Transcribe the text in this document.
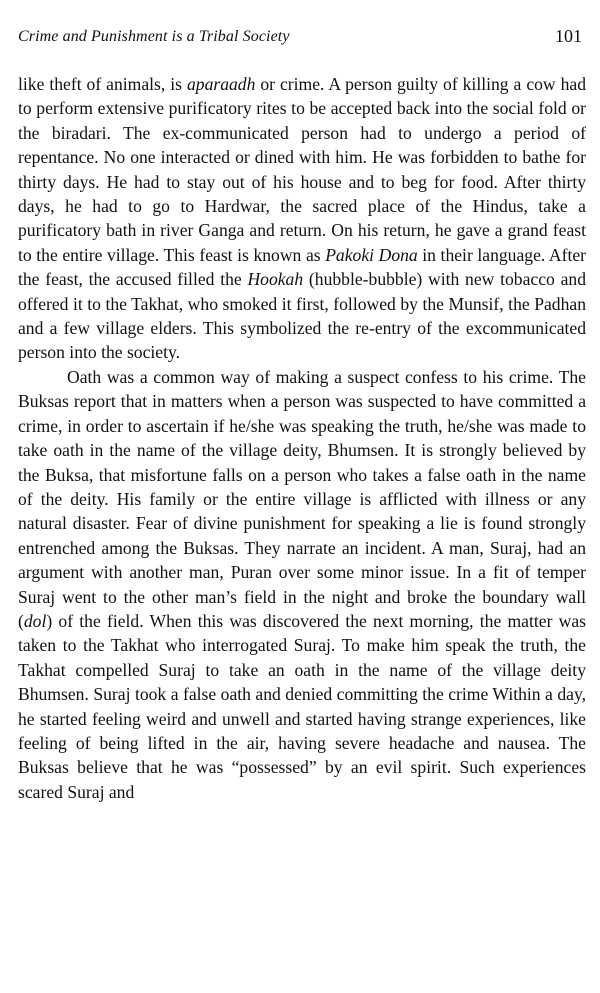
Crime and Punishment is a Tribal Society	101

like theft of animals, is aparaadh or crime. A person guilty of killing a cow had to perform extensive purificatory rites to be accepted back into the social fold or the biradari. The ex-communicated person had to undergo a period of repentance. No one interacted or dined with him. He was forbidden to bathe for thirty days. He had to stay out of his house and to beg for food. After thirty days, he had to go to Hardwar, the sacred place of the Hindus, take a purificatory bath in river Ganga and return. On his return, he gave a grand feast to the entire village. This feast is known as Pakoki Dona in their language. After the feast, the accused filled the Hookah (hubble-bubble) with new tobacco and offered it to the Takhat, who smoked it first, followed by the Munsif, the Padhan and a few village elders. This symbolized the re-entry of the excommunicated person into the society.

Oath was a common way of making a suspect confess to his crime. The Buksas report that in matters when a person was suspected to have committed a crime, in order to ascertain if he/she was speaking the truth, he/she was made to take oath in the name of the village deity, Bhumsen. It is strongly believed by the Buksa, that misfortune falls on a person who takes a false oath in the name of the deity. His family or the entire village is afflicted with illness or any natural disaster. Fear of divine punishment for speaking a lie is found strongly entrenched among the Buksas. They narrate an incident. A man, Suraj, had an argument with another man, Puran over some minor issue. In a fit of temper Suraj went to the other man’s field in the night and broke the boundary wall (dol) of the field. When this was discovered the next morning, the matter was taken to the Takhat who interrogated Suraj. To make him speak the truth, the Takhat compelled Suraj to take an oath in the name of the village deity Bhumsen. Suraj took a false oath and denied committing the crime Within a day, he started feeling weird and unwell and started having strange experiences, like feeling of being lifted in the air, having severe headache and nausea. The Buksas believe that he was “possessed” by an evil spirit. Such experiences scared Suraj and
